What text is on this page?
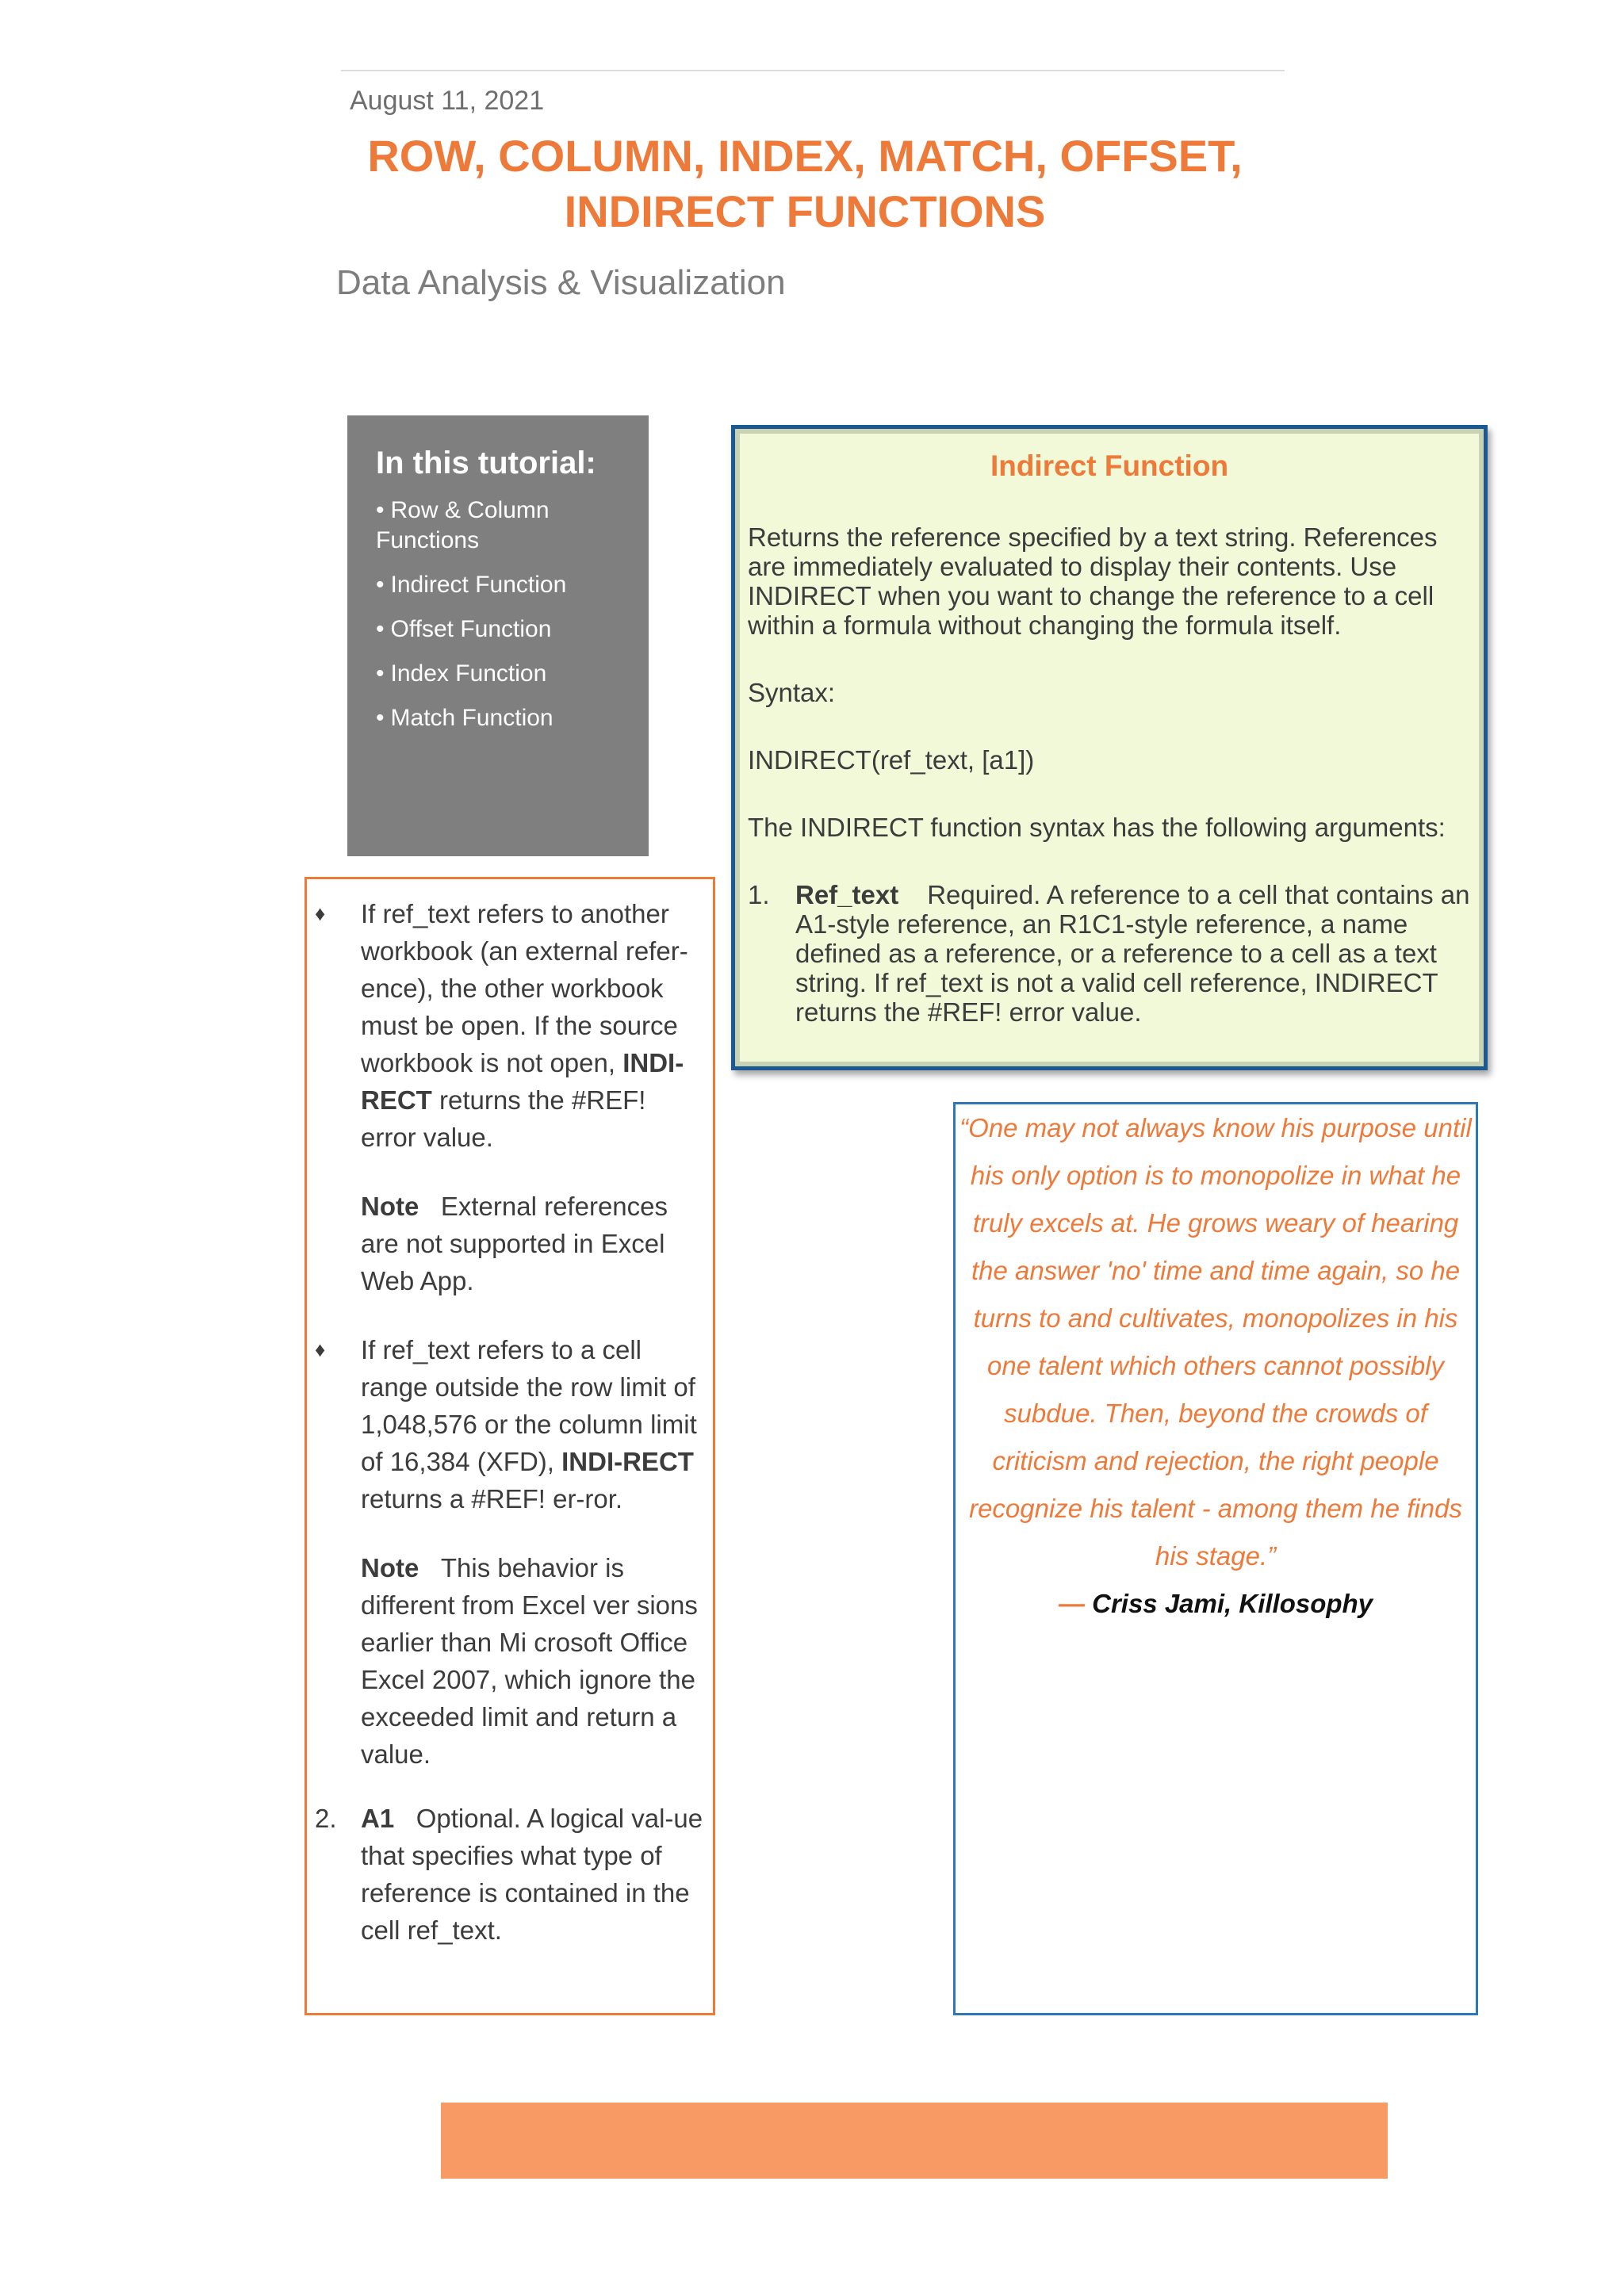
August 11, 2021
ROW, COLUMN, INDEX, MATCH, OFFSET,
INDIRECT FUNCTIONS
Data Analysis & Visualization
In this tutorial:
• Row & Column Functions
• Indirect Function
• Offset Function
• Index Function
• Match Function
Indirect Function

Returns the reference specified by a text string. References are immediately evaluated to display their contents. Use INDIRECT when you want to change the reference to a cell within a formula without changing the formula itself.

Syntax:

INDIRECT(ref_text, [a1])

The INDIRECT function syntax has the following arguments:

1. Ref_text Required. A reference to a cell that contains an A1-style reference, an R1C1-style reference, a name defined as a reference, or a reference to a cell as a text string. If ref_text is not a valid cell reference, INDIRECT returns the #REF! error value.
♦	If ref_text refers to another workbook (an external refer-ence), the other workbook must be open. If the source workbook is not open, INDI-RECT returns the #REF! error value.
Note External references are not supported in Excel Web App.
♦	If ref_text refers to a cell range outside the row limit of 1,048,576 or the column limit of 16,384 (XFD), INDI-RECT returns a #REF! er-ror.
Note This behavior is different from Excel ver sions earlier than Mi crosoft Office Excel 2007, which ignore the exceeded limit and return a value.
2. A1 Optional. A logical val-ue that specifies what type of reference is contained in the cell ref_text.

“One may not always know his purpose until his only option is to monopolize in what he truly excels at. He grows weary of hearing the answer 'no' time and time again, so he turns to and cultivates, monopolizes in his one talent which others cannot possibly subdue. Then, beyond the crowds of criticism and rejection, the right people recognize his talent - among them he finds his stage.”

― Criss Jami, Killosophy
